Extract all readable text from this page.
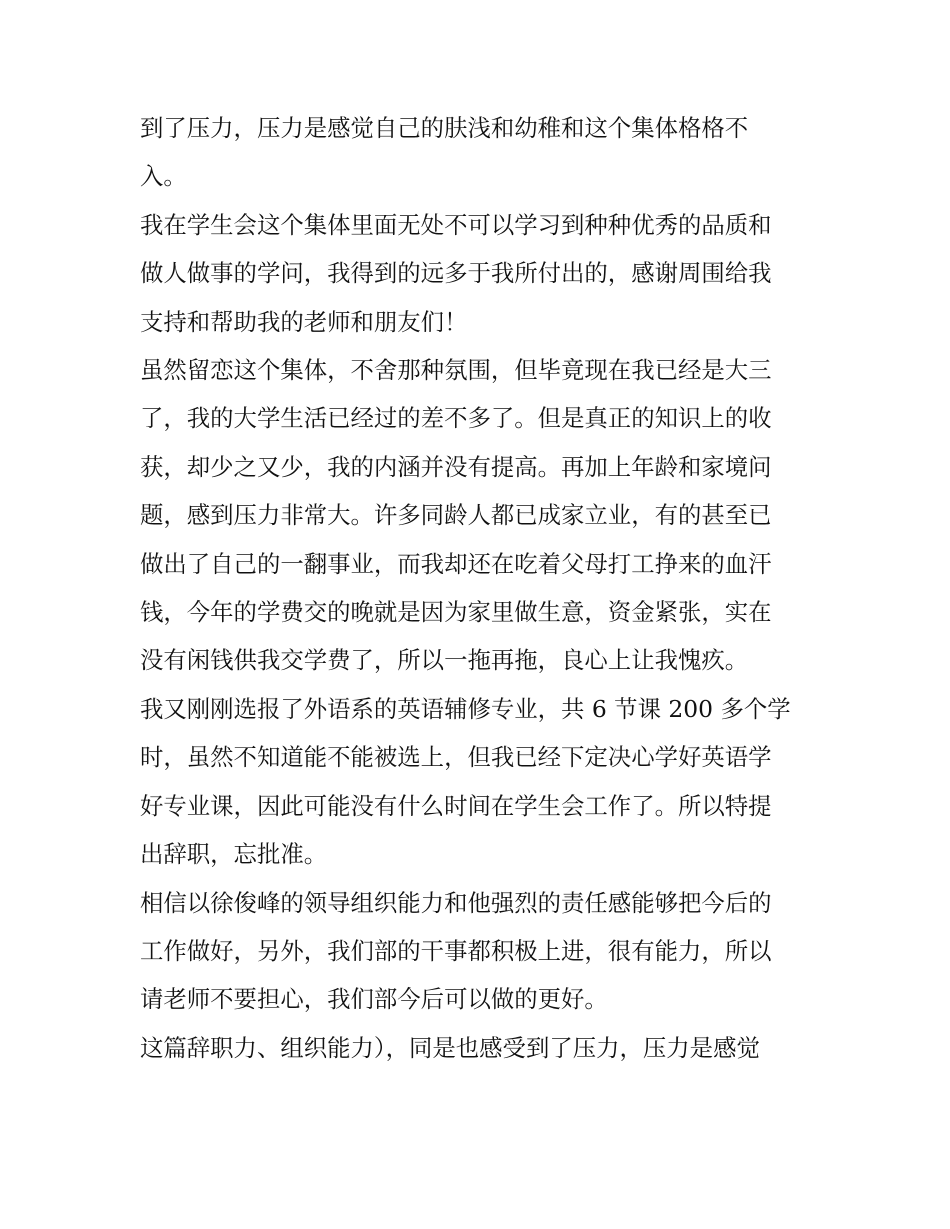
到了压力，压力是感觉自己的肤浅和幼稚和这个集体格格不
入。

我在学生会这个集体里面无处不可以学习到种种优秀的品质和
做人做事的学问，我得到的远多于我所付出的，感谢周围给我
支持和帮助我的老师和朋友们！

虽然留恋这个集体，不舍那种氛围，但毕竟现在我已经是大三
了，我的大学生活已经过的差不多了。但是真正的知识上的收
获，却少之又少，我的内涵并没有提高。再加上年龄和家境问
题，感到压力非常大。许多同龄人都已成家立业，有的甚至已
做出了自己的一翻事业，而我却还在吃着父母打工挣来的血汗
钱，今年的学费交的晚就是因为家里做生意，资金紧张，实在
没有闲钱供我交学费了，所以一拖再拖，良心上让我愧疚。

我又刚刚选报了外语系的英语辅修专业，共 6 节课 200 多个学
时，虽然不知道能不能被选上，但我已经下定决心学好英语学
好专业课，因此可能没有什么时间在学生会工作了。所以特提
出辞职，忘批准。

相信以徐俊峰的领导组织能力和他强烈的责任感能够把今后的
工作做好，另外，我们部的干事都积极上进，很有能力，所以
请老师不要担心，我们部今后可以做的更好。

这篇辞职力、组织能力），同是也感受到了压力，压力是感觉
